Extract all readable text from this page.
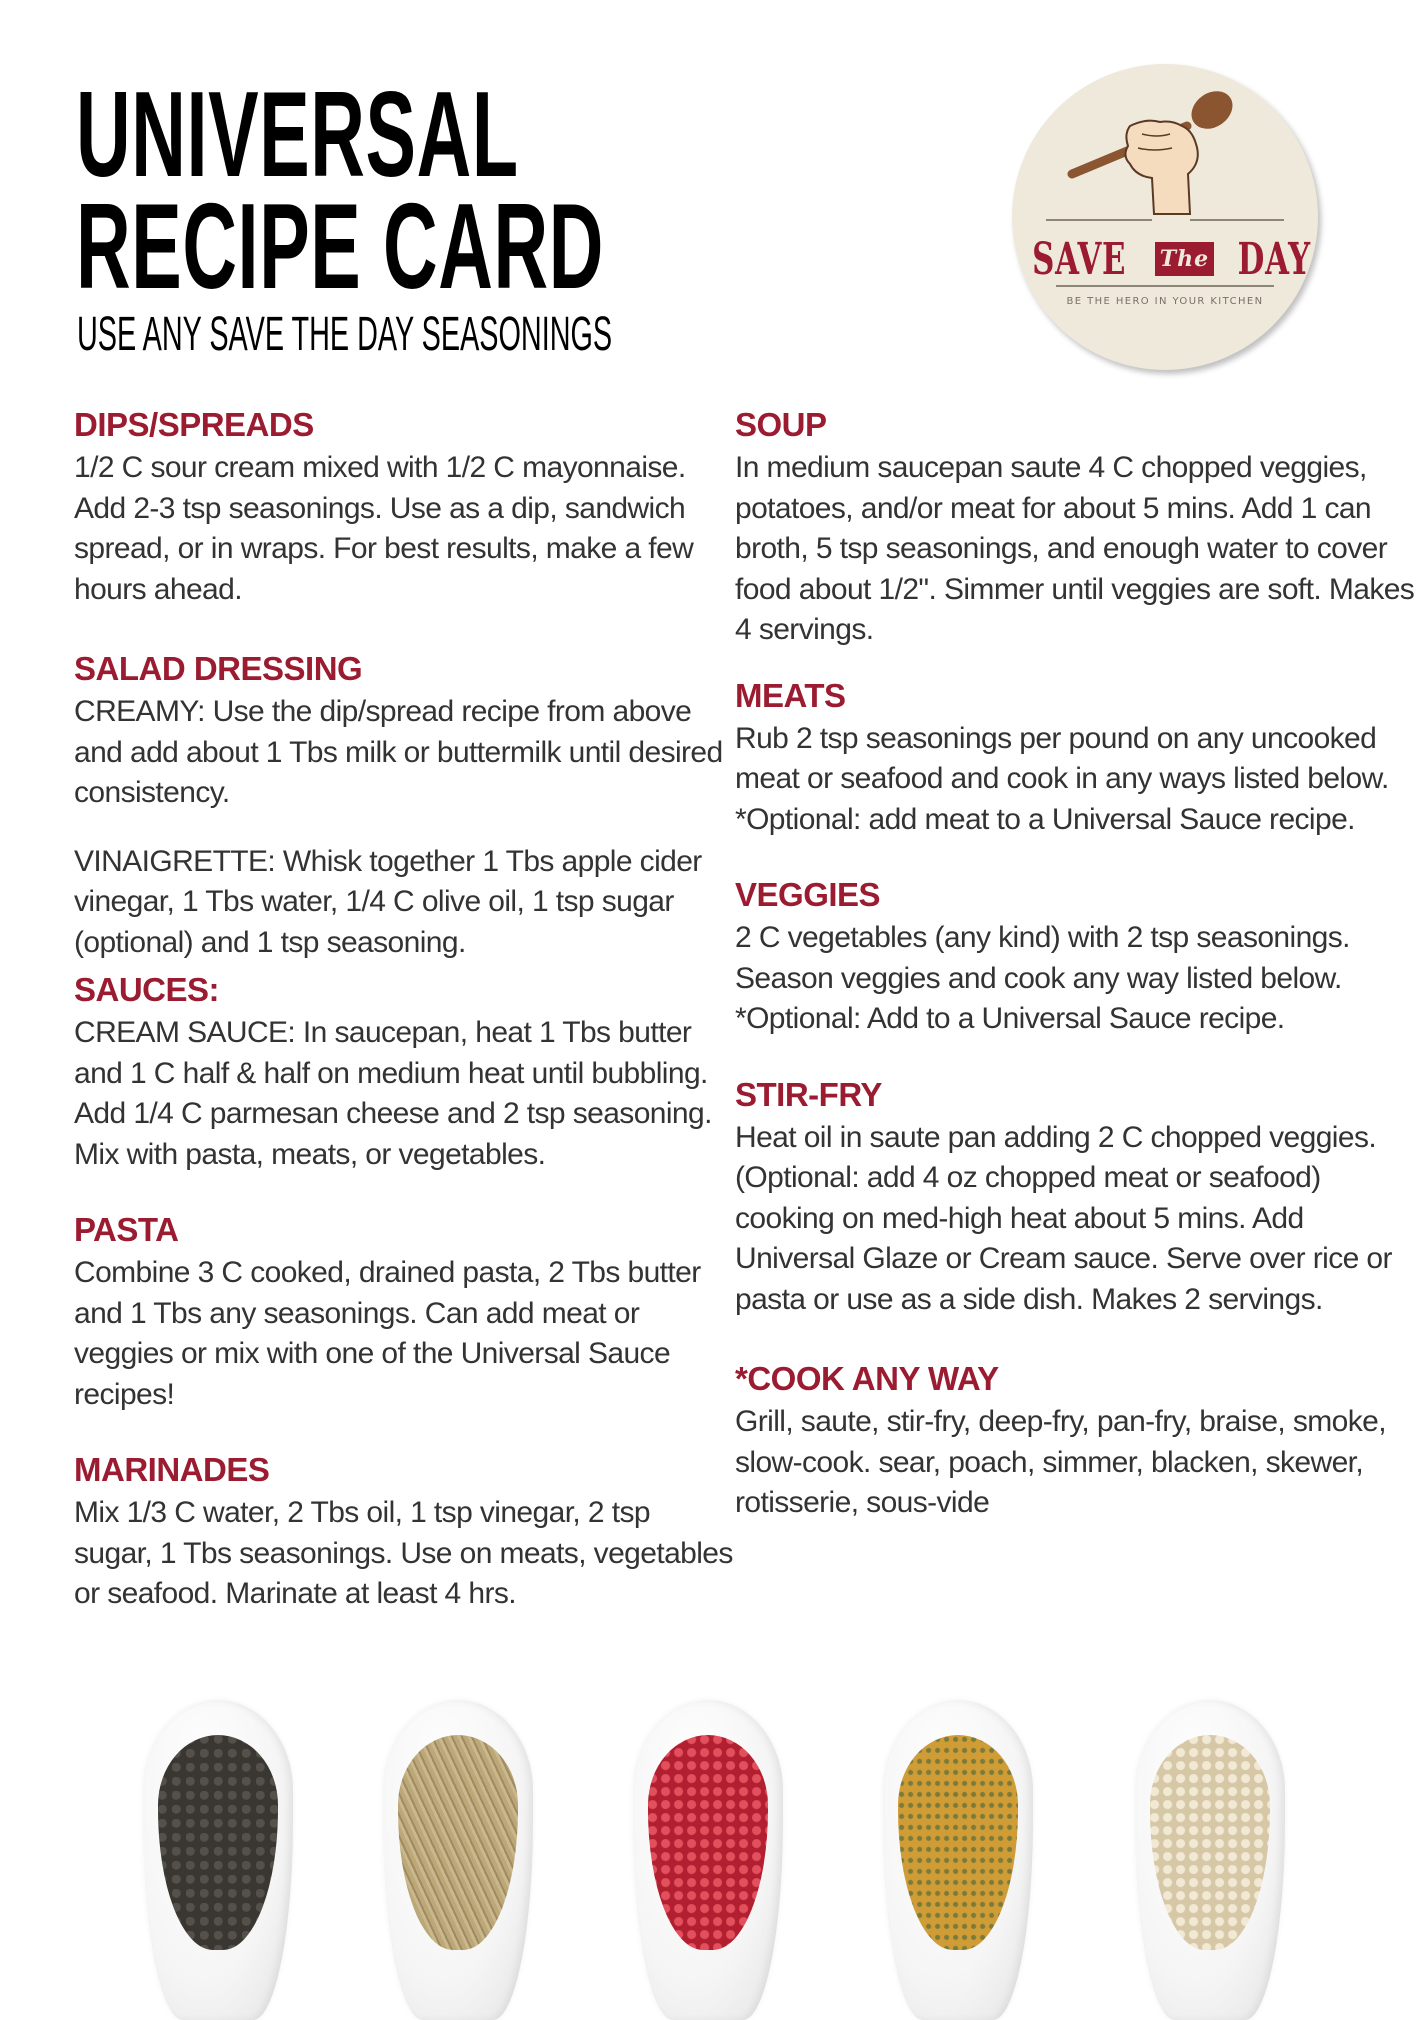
UNIVERSAL
RECIPE CARD
USE ANY SAVE THE DAY SEASONINGS
SAVE The DAY
BE THE HERO IN YOUR KITCHEN
DIPS/SPREADS

1/2 C sour cream mixed with 1/2 C mayonnaise. Add 2-3 tsp seasonings. Use as a dip, sandwich spread, or in wraps. For best results, make a few hours ahead.

SALAD DRESSING

CREAMY: Use the dip/spread recipe from above and add about 1 Tbs milk or buttermilk until desired consistency.

VINAIGRETTE: Whisk together 1 Tbs apple cider vinegar, 1 Tbs water, 1/4 C olive oil, 1 tsp sugar (optional) and 1 tsp seasoning.

SAUCES:

CREAM SAUCE: In saucepan, heat 1 Tbs butter and 1 C half & half on medium heat until bubbling. Add 1/4 C parmesan cheese and 2 tsp seasoning. Mix with pasta, meats, or vegetables.

PASTA

Combine 3 C cooked, drained pasta, 2 Tbs butter and 1 Tbs any seasonings. Can add meat or veggies or mix with one of the Universal Sauce recipes!

MARINADES

Mix 1/3 C water, 2 Tbs oil, 1 tsp vinegar, 2 tsp sugar, 1 Tbs seasonings. Use on meats, vegetables or seafood. Marinate at least 4 hrs.

SOUP

In medium saucepan saute 4 C chopped veggies, potatoes, and/or meat for about 5 mins. Add 1 can broth, 5 tsp seasonings, and enough water to cover food about 1/2". Simmer until veggies are soft. Makes 4 servings.

MEATS

Rub 2 tsp seasonings per pound on any uncooked meat or seafood and cook in any ways listed below. *Optional: add meat to a Universal Sauce recipe.

VEGGIES

2 C vegetables (any kind) with 2 tsp seasonings. Season veggies and cook any way listed below. *Optional: Add to a Universal Sauce recipe.

STIR-FRY

Heat oil in saute pan adding 2 C chopped veggies. (Optional: add 4 oz chopped meat or seafood) cooking on med-high heat about 5 mins. Add Universal Glaze or Cream sauce. Serve over rice or pasta or use as a side dish. Makes 2 servings.

*COOK ANY WAY

Grill, saute, stir-fry, deep-fry, pan-fry, braise, smoke, slow-cook. sear, poach, simmer, blacken, skewer, rotisserie, sous-vide
